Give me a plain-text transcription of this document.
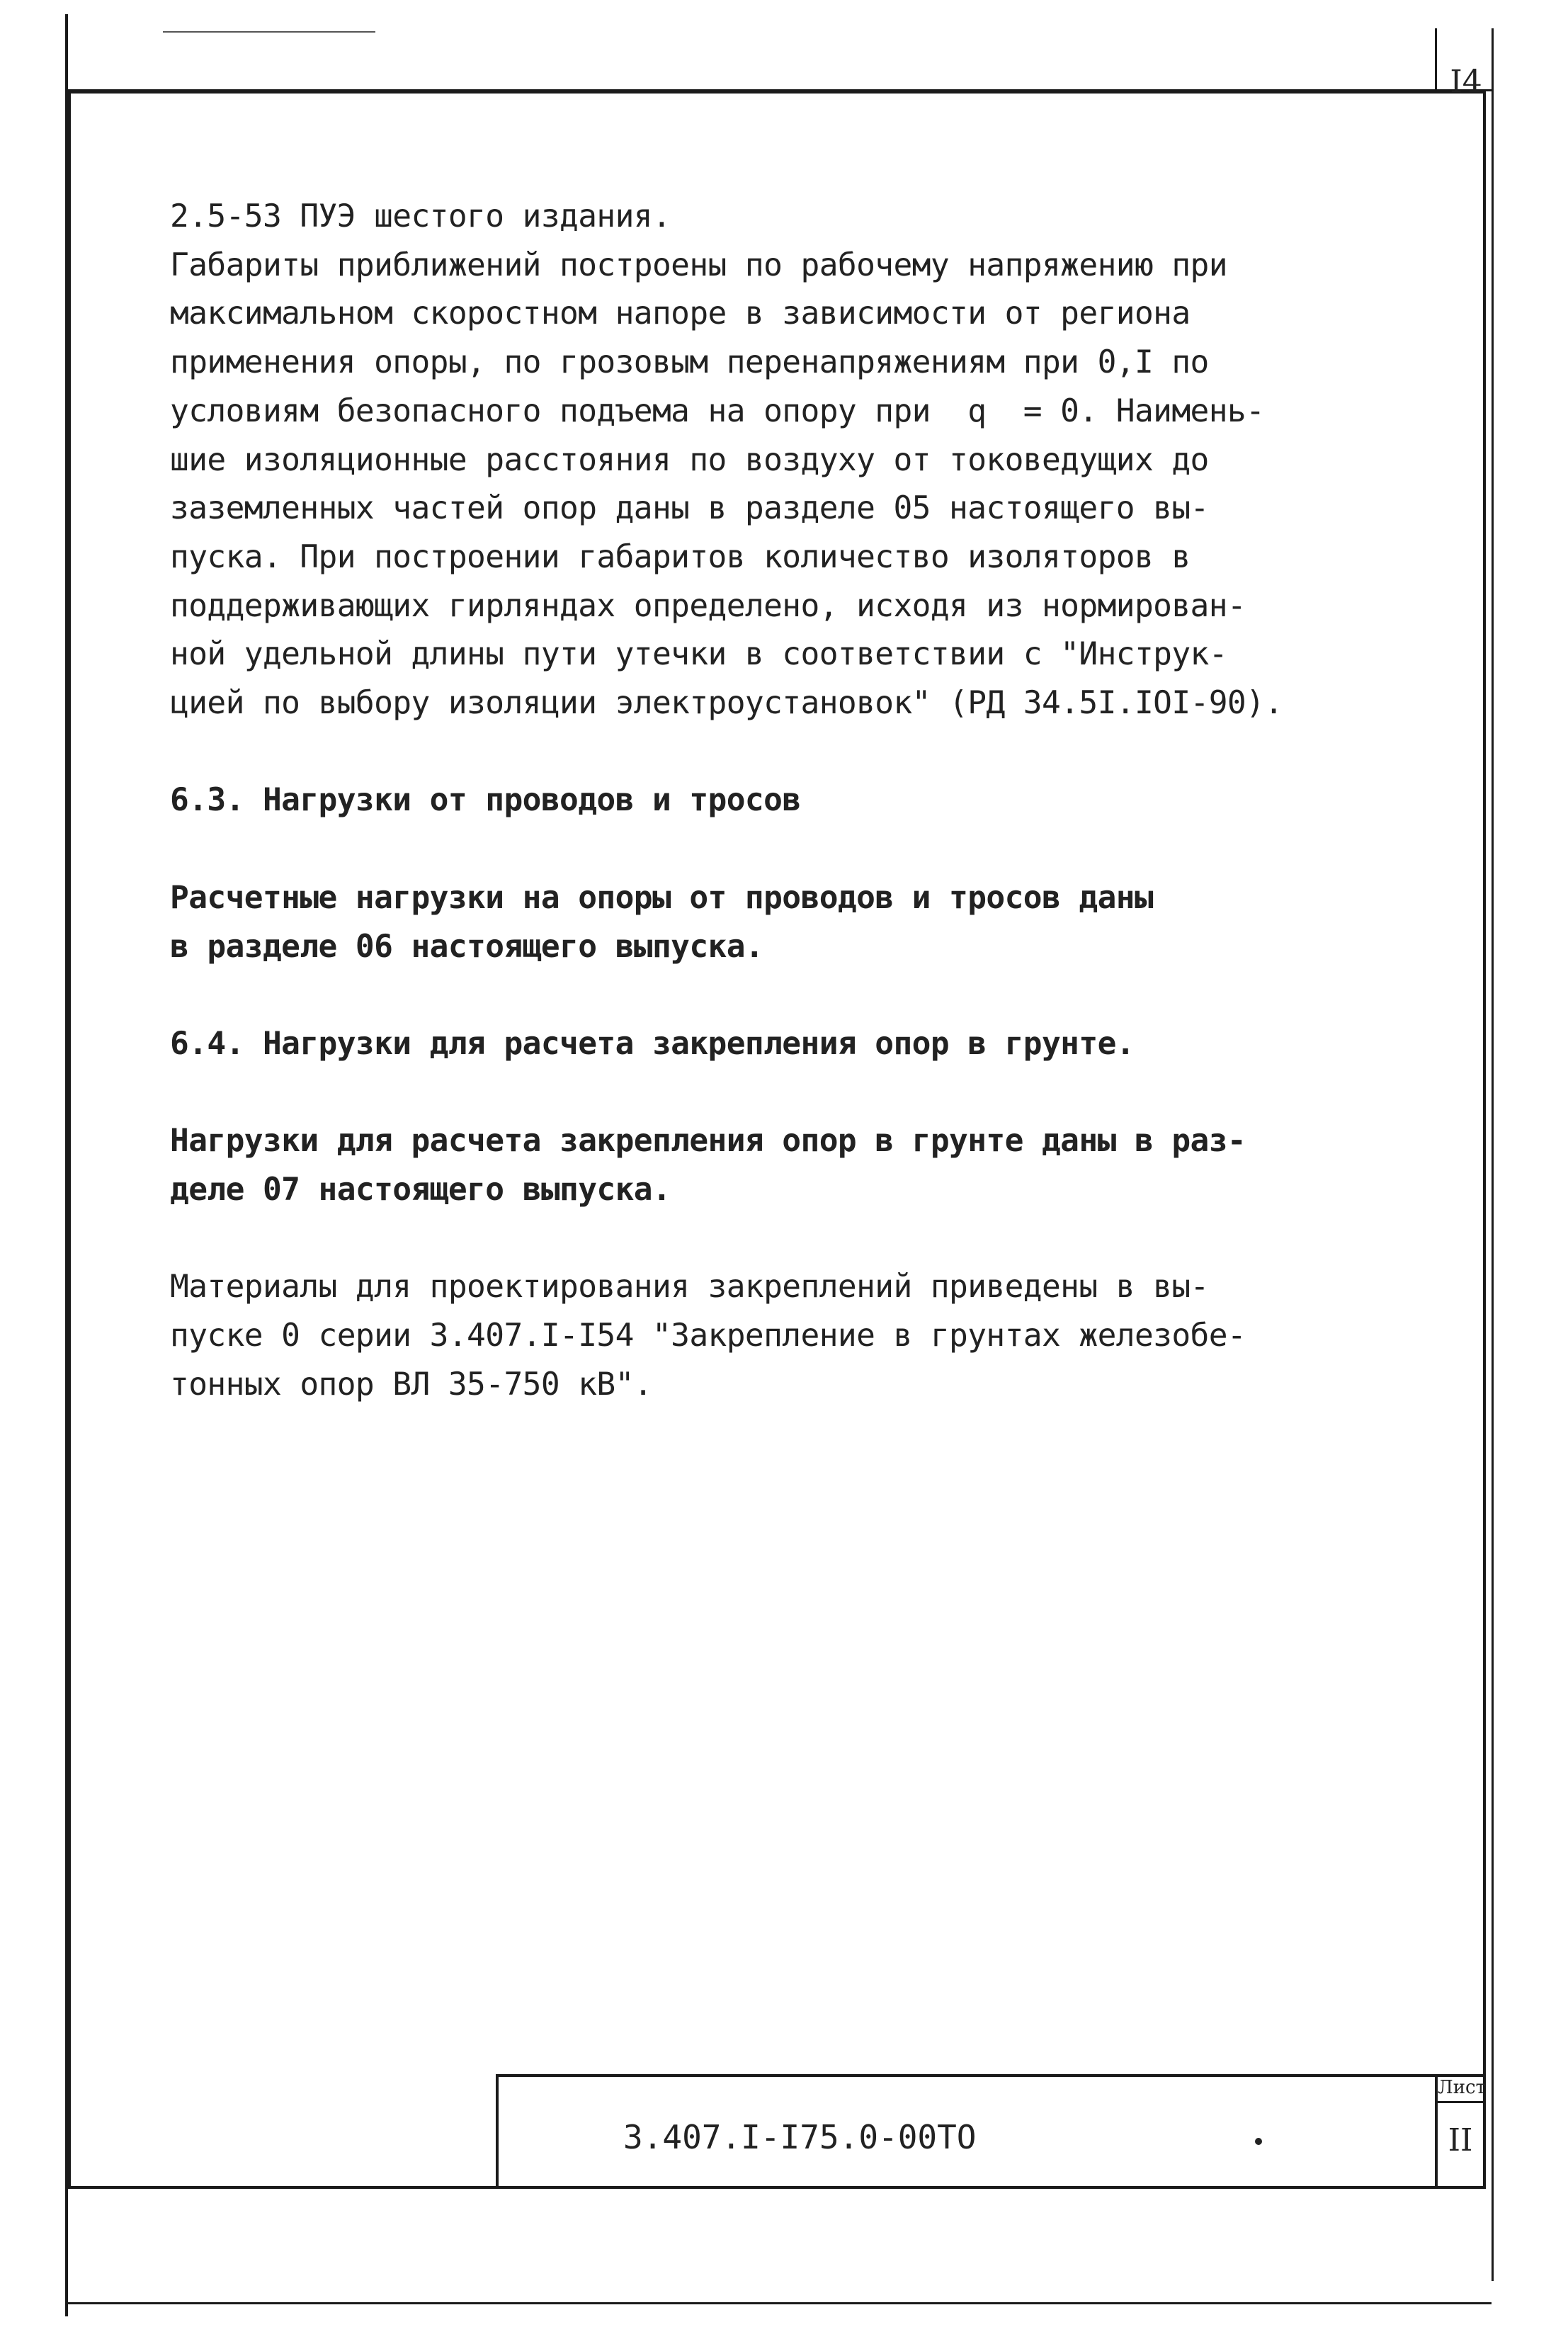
I4
2.5-53 ПУЭ шестого издания.
Габариты приближений построены по рабочему напряжению при
максимальном скоростном напоре в зависимости от региона
применения опоры, по грозовым перенапряжениям при 0,I по
условиям безопасного подъема на опору при  q  = 0. Наимень-
шие изоляционные расстояния по воздуху от токоведущих до
заземленных частей опор даны в разделе 05 настоящего вы-
пуска. При построении габаритов количество изоляторов в
поддерживающих гирляндах определено, исходя из нормирован-
ной удельной длины пути утечки в соответствии с "Инструк-
цией по выбору изоляции электроустановок" (РД 34.5I.IOI-90).
6.3. Нагрузки от проводов и тросов
Расчетные нагрузки на опоры от проводов и тросов даны
в разделе 06 настоящего выпуска.
6.4. Нагрузки для расчета закрепления опор в грунте.
Нагрузки для расчета закрепления опор в грунте даны в раз-
деле 07 настоящего выпуска.
Материалы для проектирования закреплений приведены в вы-
пуске 0 серии 3.407.I-I54 "Закрепление в грунтах железобе-
тонных опор ВЛ 35-750 кВ".
3.407.I-I75.0-00ТО
Лист
II
